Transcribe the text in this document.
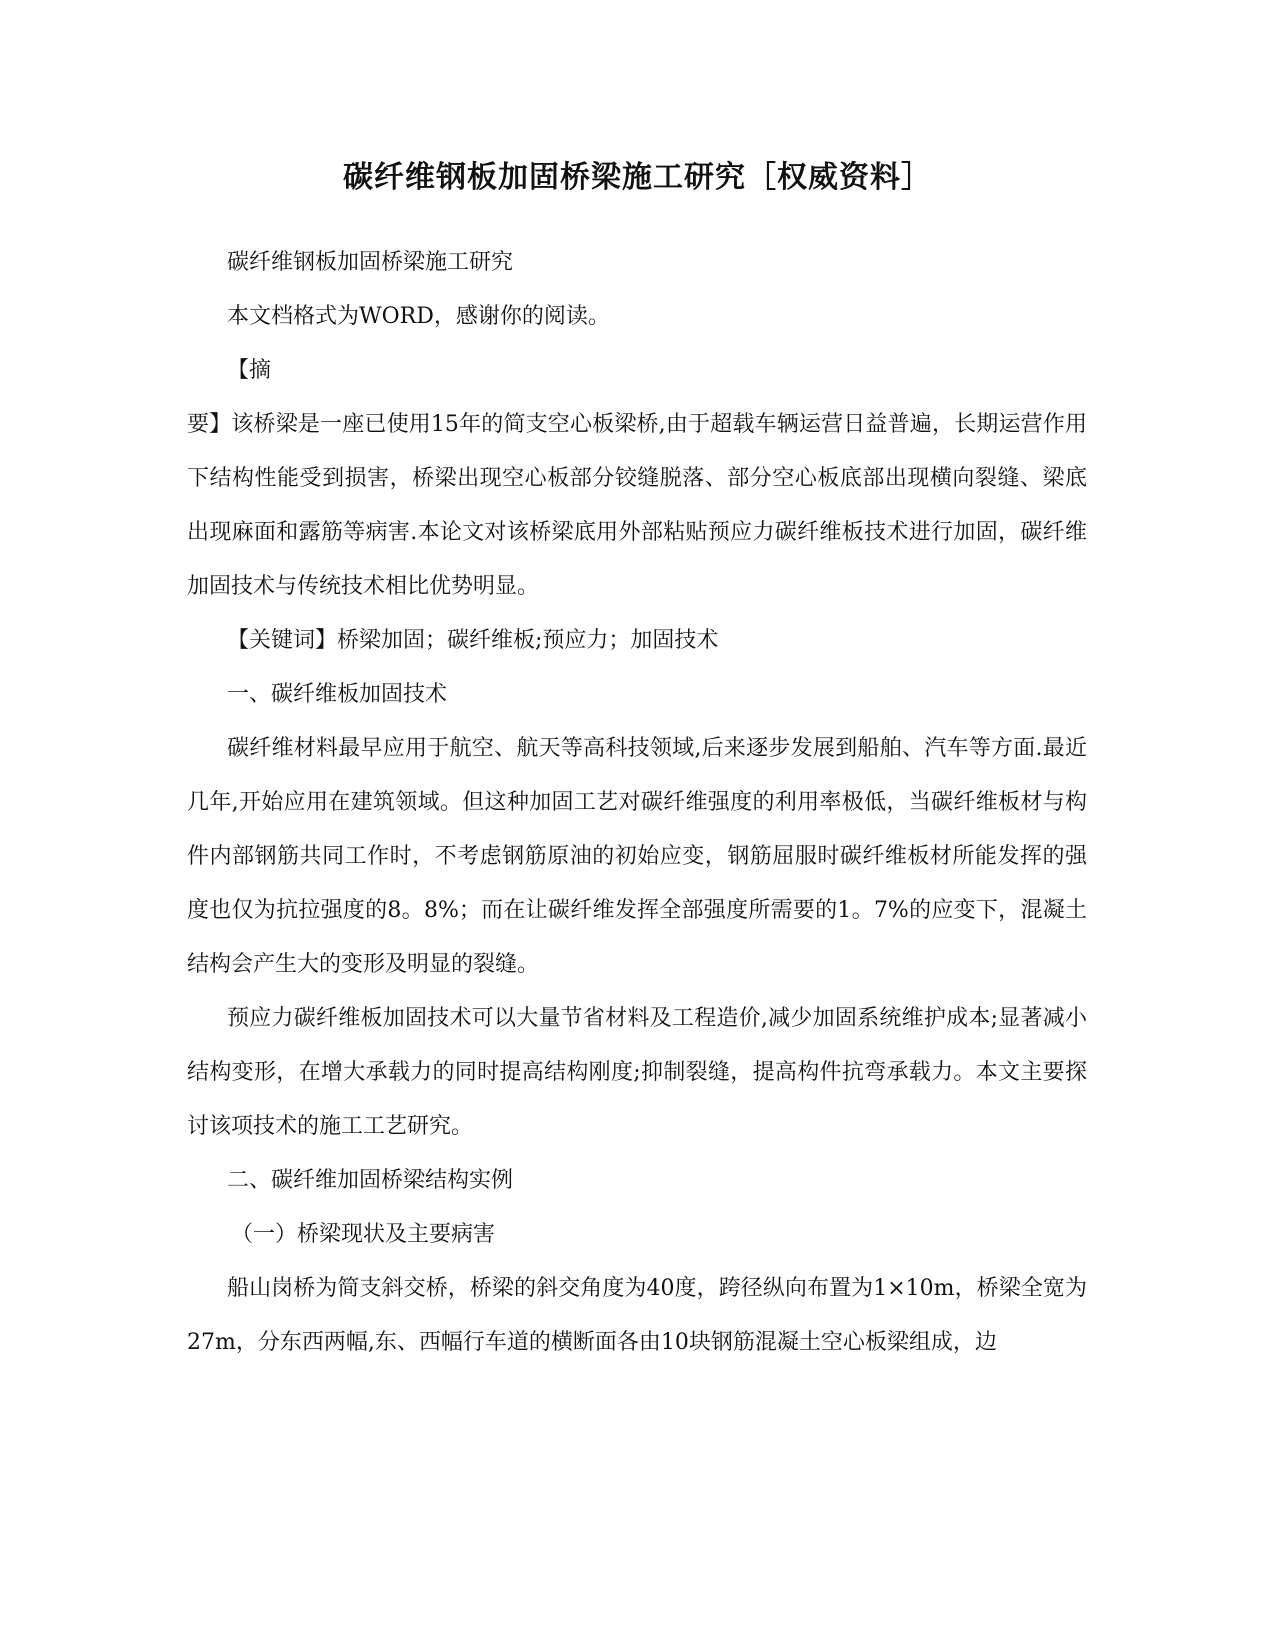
碳纤维钢板加固桥梁施工研究［权威资料］

碳纤维钢板加固桥梁施工研究

本文档格式为WORD，感谢你的阅读。

【摘

要】该桥梁是一座已使用15年的简支空心板梁桥,由于超载车辆运营日益普遍，长期运营作用下结构性能受到损害，桥梁出现空心板部分铰缝脱落、部分空心板底部出现横向裂缝、梁底出现麻面和露筋等病害.本论文对该桥梁底用外部粘贴预应力碳纤维板技术进行加固，碳纤维加固技术与传统技术相比优势明显。

【关键词】桥梁加固；碳纤维板;预应力；加固技术

一、碳纤维板加固技术

碳纤维材料最早应用于航空、航天等高科技领域,后来逐步发展到船舶、汽车等方面.最近几年,开始应用在建筑领域。但这种加固工艺对碳纤维强度的利用率极低，当碳纤维板材与构件内部钢筋共同工作时，不考虑钢筋原油的初始应变，钢筋屈服时碳纤维板材所能发挥的强度也仅为抗拉强度的8。8%；而在让碳纤维发挥全部强度所需要的1。7%的应变下，混凝土结构会产生大的变形及明显的裂缝。

预应力碳纤维板加固技术可以大量节省材料及工程造价,减少加固系统维护成本;显著减小结构变形，在增大承载力的同时提高结构刚度;抑制裂缝，提高构件抗弯承载力。本文主要探讨该项技术的施工工艺研究。

二、碳纤维加固桥梁结构实例

（一）桥梁现状及主要病害

船山岗桥为简支斜交桥，桥梁的斜交角度为40度，跨径纵向布置为1×10m，桥梁全宽为27m，分东西两幅,东、西幅行车道的横断面各由10块钢筋混凝土空心板梁组成，边
